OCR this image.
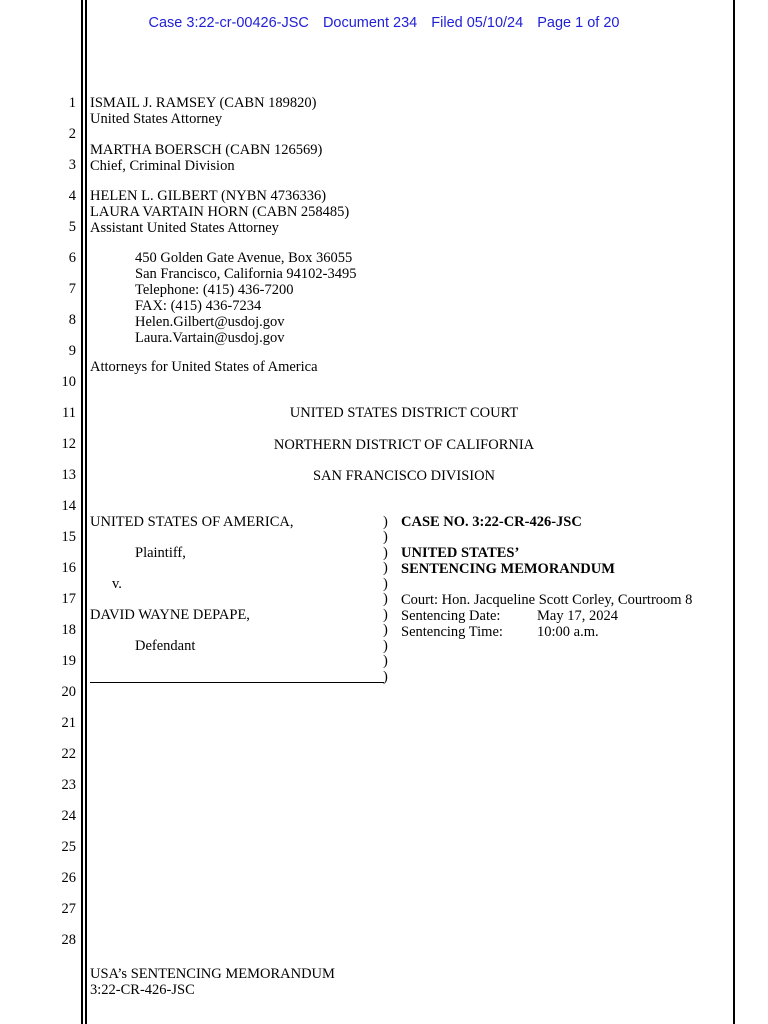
Case 3:22-cr-00426-JSC Document 234 Filed 05/10/24 Page 1 of 20
1
2
3
4
5
6
7
8
9
10
11
12
13
14
15
16
17
18
19
20
21
22
23
24
25
26
27
28
ISMAIL J. RAMSEY (CABN 189820)
United States Attorney
MARTHA BOERSCH (CABN 126569)
Chief, Criminal Division
HELEN L. GILBERT (NYBN 4736336)
LAURA VARTAIN HORN (CABN 258485)
Assistant United States Attorney
450 Golden Gate Avenue, Box 36055
San Francisco, California 94102-3495
Telephone: (415) 436-7200
FAX: (415) 436-7234
Helen.Gilbert@usdoj.gov
Laura.Vartain@usdoj.gov
Attorneys for United States of America
UNITED STATES DISTRICT COURT
NORTHERN DISTRICT OF CALIFORNIA
SAN FRANCISCO DIVISION
UNITED STATES OF AMERICA,
Plaintiff,
v.
DAVID WAYNE DEPAPE,
Defendant
)
)
)
)
)
)
)
)
)
)
)
CASE NO. 3:22-CR-426-JSC
UNITED STATES’
SENTENCING MEMORANDUM
Court: Hon. Jacqueline Scott Corley, Courtroom 8
Sentencing Date:	May 17, 2024
Sentencing Time: 10:00 a.m.
USA’s SENTENCING MEMORANDUM
3:22-CR-426-JSC
